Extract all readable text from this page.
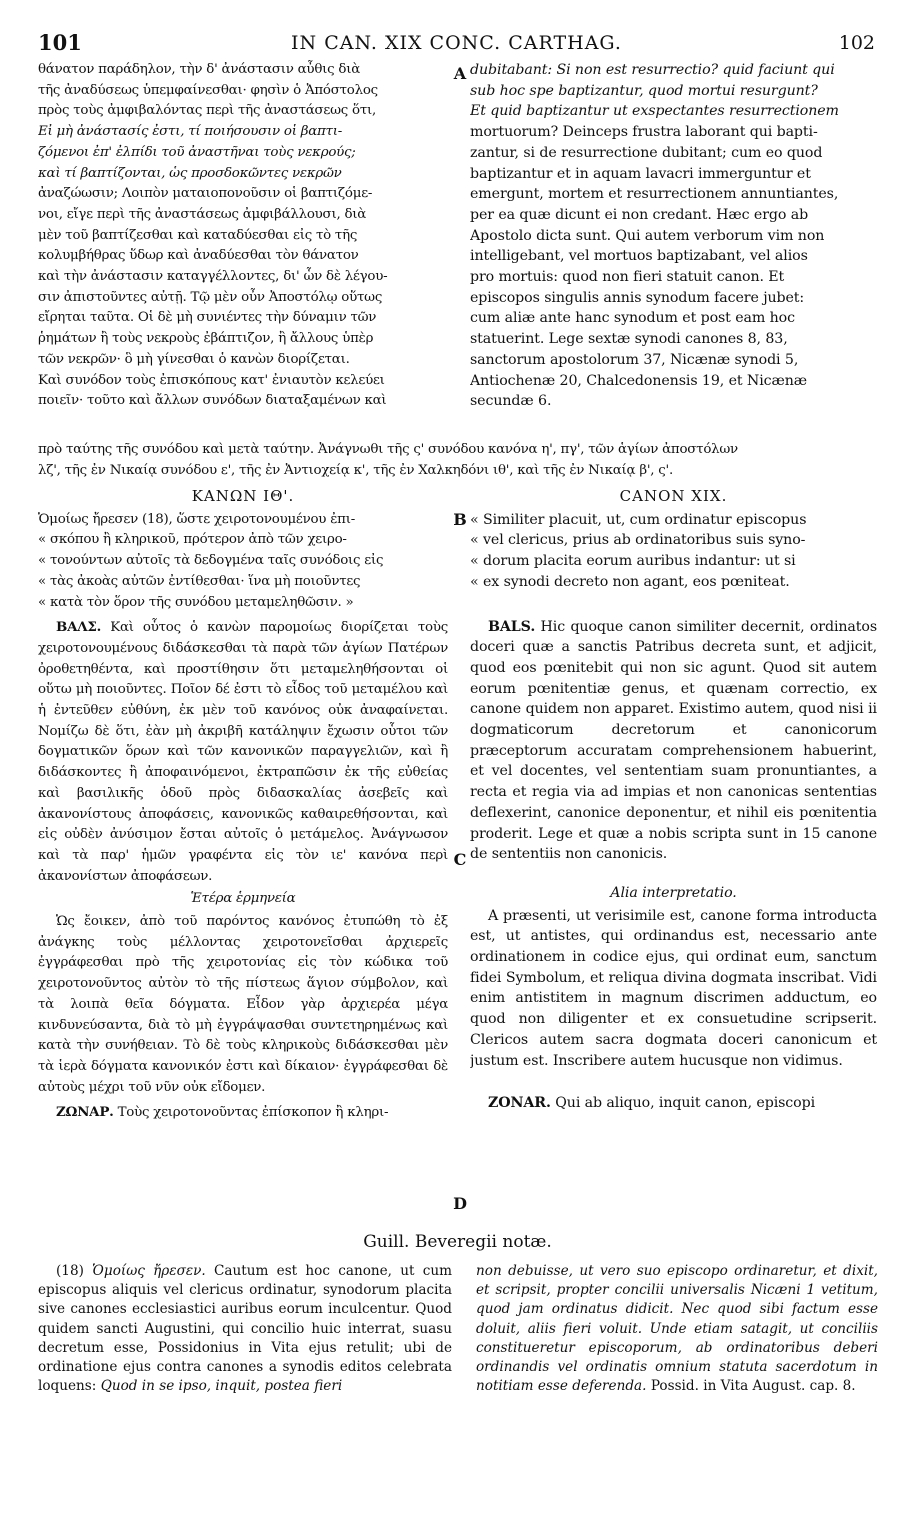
101	IN CAN. XIX CONC. CARTHAG.	102
A
B
C
D

θάνατον παράδηλον, τὴν δ' ἀνάστασιν αὖθις διὰ

τῆς ἀναδύσεως ὑπεμφαίνεσθαι· φησὶν ὁ Ἀπόστολος

πρὸς τοὺς ἀμφιβαλόντας περὶ τῆς ἀναστάσεως ὅτι,

Εἰ μὴ ἀνάστασίς ἐστι, τί ποιήσουσιν οἱ βαπτι-

ζόμενοι ἐπ' ἐλπίδι τοῦ ἀναστῆναι τοὺς νεκρούς;

καὶ τί βαπτίζονται, ὡς προσδοκῶντες νεκρῶν

ἀναζώωσιν; Λοιπὸν ματαιοπονοῦσιν οἱ βαπτιζόμε-

νοι, εἴγε περὶ τῆς ἀναστάσεως ἀμφιβάλλουσι, διὰ

μὲν τοῦ βαπτίζεσθαι καὶ καταδύεσθαι εἰς τὸ τῆς

κολυμβήθρας ὕδωρ καὶ ἀναδύεσθαι τὸν θάνατον

καὶ τὴν ἀνάστασιν καταγγέλλοντες, δι' ὧν δὲ λέγου-

σιν ἀπιστοῦντες αὐτῇ. Τῷ μὲν οὖν Ἀποστόλῳ οὕτως

εἴρηται ταῦτα. Οἱ δὲ μὴ συνιέντες τὴν δύναμιν τῶν

ῥημάτων ἢ τοὺς νεκροὺς ἐβάπτιζον, ἢ ἄλλους ὑπὲρ

τῶν νεκρῶν· ὃ μὴ γίνεσθαι ὁ κανὼν διορίζεται.

Καὶ συνόδον τοὺς ἐπισκόπους κατ' ἐνιαυτὸν κελεύει

ποιεῖν· τοῦτο καὶ ἄλλων συνόδων διαταξαμένων καὶ

dubitabant: Si non est resurrectio? quid faciunt qui

sub hoc spe baptizantur, quod mortui resurgunt?

Et quid baptizantur ut exspectantes resurrectionem

mortuorum? Deinceps frustra laborant qui bapti-

zantur, si de resurrectione dubitant; cum eo quod

baptizantur et in aquam lavacri immerguntur et

emergunt, mortem et resurrectionem annuntiantes,

per ea quæ dicunt ei non credant. Hæc ergo ab

Apostolo dicta sunt. Qui autem verborum vim non

intelligebant, vel mortuos baptizabant, vel alios

pro mortuis: quod non fieri statuit canon. Et

episcopos singulis annis synodum facere jubet:

cum aliæ ante hanc synodum et post eam hoc

statuerint. Lege sextæ synodi canones 8, 83,

sanctorum apostolorum 37, Nicænæ synodi 5,

Antiochenæ 20, Chalcedonensis 19, et Nicænæ

secundæ 6.

πρὸ ταύτης τῆς συνόδου καὶ μετὰ ταύτην. Ἀνάγνωθι τῆς ς' συνόδου κανόνα η', πγ', τῶν ἁγίων ἀποστόλων

λζ', τῆς ἐν Νικαίᾳ συνόδου ε', τῆς ἐν Ἀντιοχείᾳ κ', τῆς ἐν Χαλκηδόνι ιθ', καὶ τῆς ἐν Νικαίᾳ β', ς'.

ΚΑΝΩΝ ΙΘ'.

Ὁμοίως ἤρεσεν (18), ὥστε χειροτονουμένου ἐπι-

« σκόπου ἢ κληρικοῦ, πρότερον ἀπὸ τῶν χειρο-

« τονούντων αὐτοῖς τὰ δεδογμένα ταῖς συνόδοις εἰς

« τὰς ἀκοὰς αὐτῶν ἐντίθεσθαι· ἵνα μὴ ποιοῦντες

« κατὰ τὸν ὅρον τῆς συνόδου μεταμεληθῶσιν. »

ΒΑΛΣ. Καὶ οὗτος ὁ κανὼν παρομοίως διορίζεται τοὺς χειροτονουμένους διδάσκεσθαι τὰ παρὰ τῶν ἁγίων Πατέρων ὀροθετηθέντα, καὶ προστίθησιν ὅτι μεταμεληθήσονται οἱ οὕτω μὴ ποιοῦντες. Ποῖον δέ ἐστι τὸ εἶδος τοῦ μεταμέλου καὶ ἡ ἐντεῦθεν εὐθύνη, ἐκ μὲν τοῦ κανόνος οὐκ ἀναφαίνεται. Νομίζω δὲ ὅτι, ἐὰν μὴ ἀκριβῆ κατάληψιν ἔχωσιν οὗτοι τῶν δογματικῶν ὅρων καὶ τῶν κανονικῶν παραγγελιῶν, καὶ ἢ διδάσκοντες ἢ ἀποφαινόμενοι, ἐκτραπῶσιν ἐκ τῆς εὐθείας καὶ βασιλικῆς ὁδοῦ πρὸς διδασκαλίας ἀσεβεῖς καὶ ἀκανονίστους ἀποφάσεις, κανονικῶς καθαιρεθήσονται, καὶ εἰς οὐδὲν ἀνύσιμον ἔσται αὐτοῖς ὁ μετάμελος. Ἀνάγνωσον καὶ τὰ παρ' ἡμῶν γραφέντα εἰς τὸν ιε' κανόνα περὶ ἀκανονίστων ἀποφάσεων.

Ἑτέρα ἑρμηνεία

Ὡς ἔοικεν, ἀπὸ τοῦ παρόντος κανόνος ἐτυπώθη τὸ ἐξ ἀνάγκης τοὺς μέλλοντας χειροτονεῖσθαι ἀρχιερεῖς ἐγγράφεσθαι πρὸ τῆς χειροτονίας εἰς τὸν κώδικα τοῦ χειροτονοῦντος αὐτὸν τὸ τῆς πίστεως ἅγιον σύμβολον, καὶ τὰ λοιπὰ θεῖα δόγματα. Εἶδον γὰρ ἀρχιερέα μέγα κινδυνεύσαντα, διὰ τὸ μὴ ἐγγράψασθαι συντετηρημένως καὶ κατὰ τὴν συνήθειαν. Τὸ δὲ τοὺς κληρικοὺς διδάσκεσθαι μὲν τὰ ἱερὰ δόγματα κανονικόν ἐστι καὶ δίκαιον· ἐγγράφεσθαι δὲ αὐτοὺς μέχρι τοῦ νῦν οὐκ εἴδομεν.

ΖΩΝΑΡ. Τοὺς χειροτονοῦντας ἐπίσκοπον ἢ κληρι-

CANON XIX.

« Similiter placuit, ut, cum ordinatur episcopus

« vel clericus, prius ab ordinatoribus suis syno-

« dorum placita eorum auribus indantur: ut si

« ex synodi decreto non agant, eos pœniteat.

BALS. Hic quoque canon similiter decernit, ordinatos doceri quæ a sanctis Patribus decreta sunt, et adjicit, quod eos pœnitebit qui non sic agunt. Quod sit autem eorum pœnitentiæ genus, et quænam correctio, ex canone quidem non apparet. Existimo autem, quod nisi ii dogmaticorum decretorum et canonicorum præceptorum accuratam comprehensionem habuerint, et vel docentes, vel sententiam suam pronuntiantes, a recta et regia via ad impias et non canonicas sententias deflexerint, canonice deponentur, et nihil eis pœnitentia proderit. Lege et quæ a nobis scripta sunt in 15 canone de sententiis non canonicis.

Alia interpretatio.

A præsenti, ut verisimile est, canone forma introducta est, ut antistes, qui ordinandus est, necessario ante ordinationem in codice ejus, qui ordinat eum, sanctum fidei Symbolum, et reliqua divina dogmata inscribat. Vidi enim antistitem in magnum discrimen adductum, eo quod non diligenter et ex consuetudine scripserit. Clericos autem sacra dogmata doceri canonicum et justum est. Inscribere autem hucusque non vidimus.

ZONAR. Qui ab aliquo, inquit canon, episcopi

Guill. Beveregii notæ.

(18) Ὁμοίως ἤρεσεν. Cautum est hoc canone, ut cum episcopus aliquis vel clericus ordinatur, synodorum placita sive canones ecclesiastici auribus eorum inculcentur. Quod quidem sancti Augustini, qui concilio huic interrat, suasu decretum esse, Possidonius in Vita ejus retulit; ubi de ordinatione ejus contra canones a synodis editos celebrata loquens: Quod in se ipso, inquit, postea fieri

non debuisse, ut vero suo episcopo ordinaretur, et dixit, et scripsit, propter concilii universalis Nicæni 1 vetitum, quod jam ordinatus didicit. Nec quod sibi factum esse doluit, aliis fieri voluit. Unde etiam satagit, ut conciliis constitueretur episcoporum, ab ordinatoribus deberi ordinandis vel ordinatis omnium statuta sacerdotum in notitiam esse deferenda. Possid. in Vita August. cap. 8.
